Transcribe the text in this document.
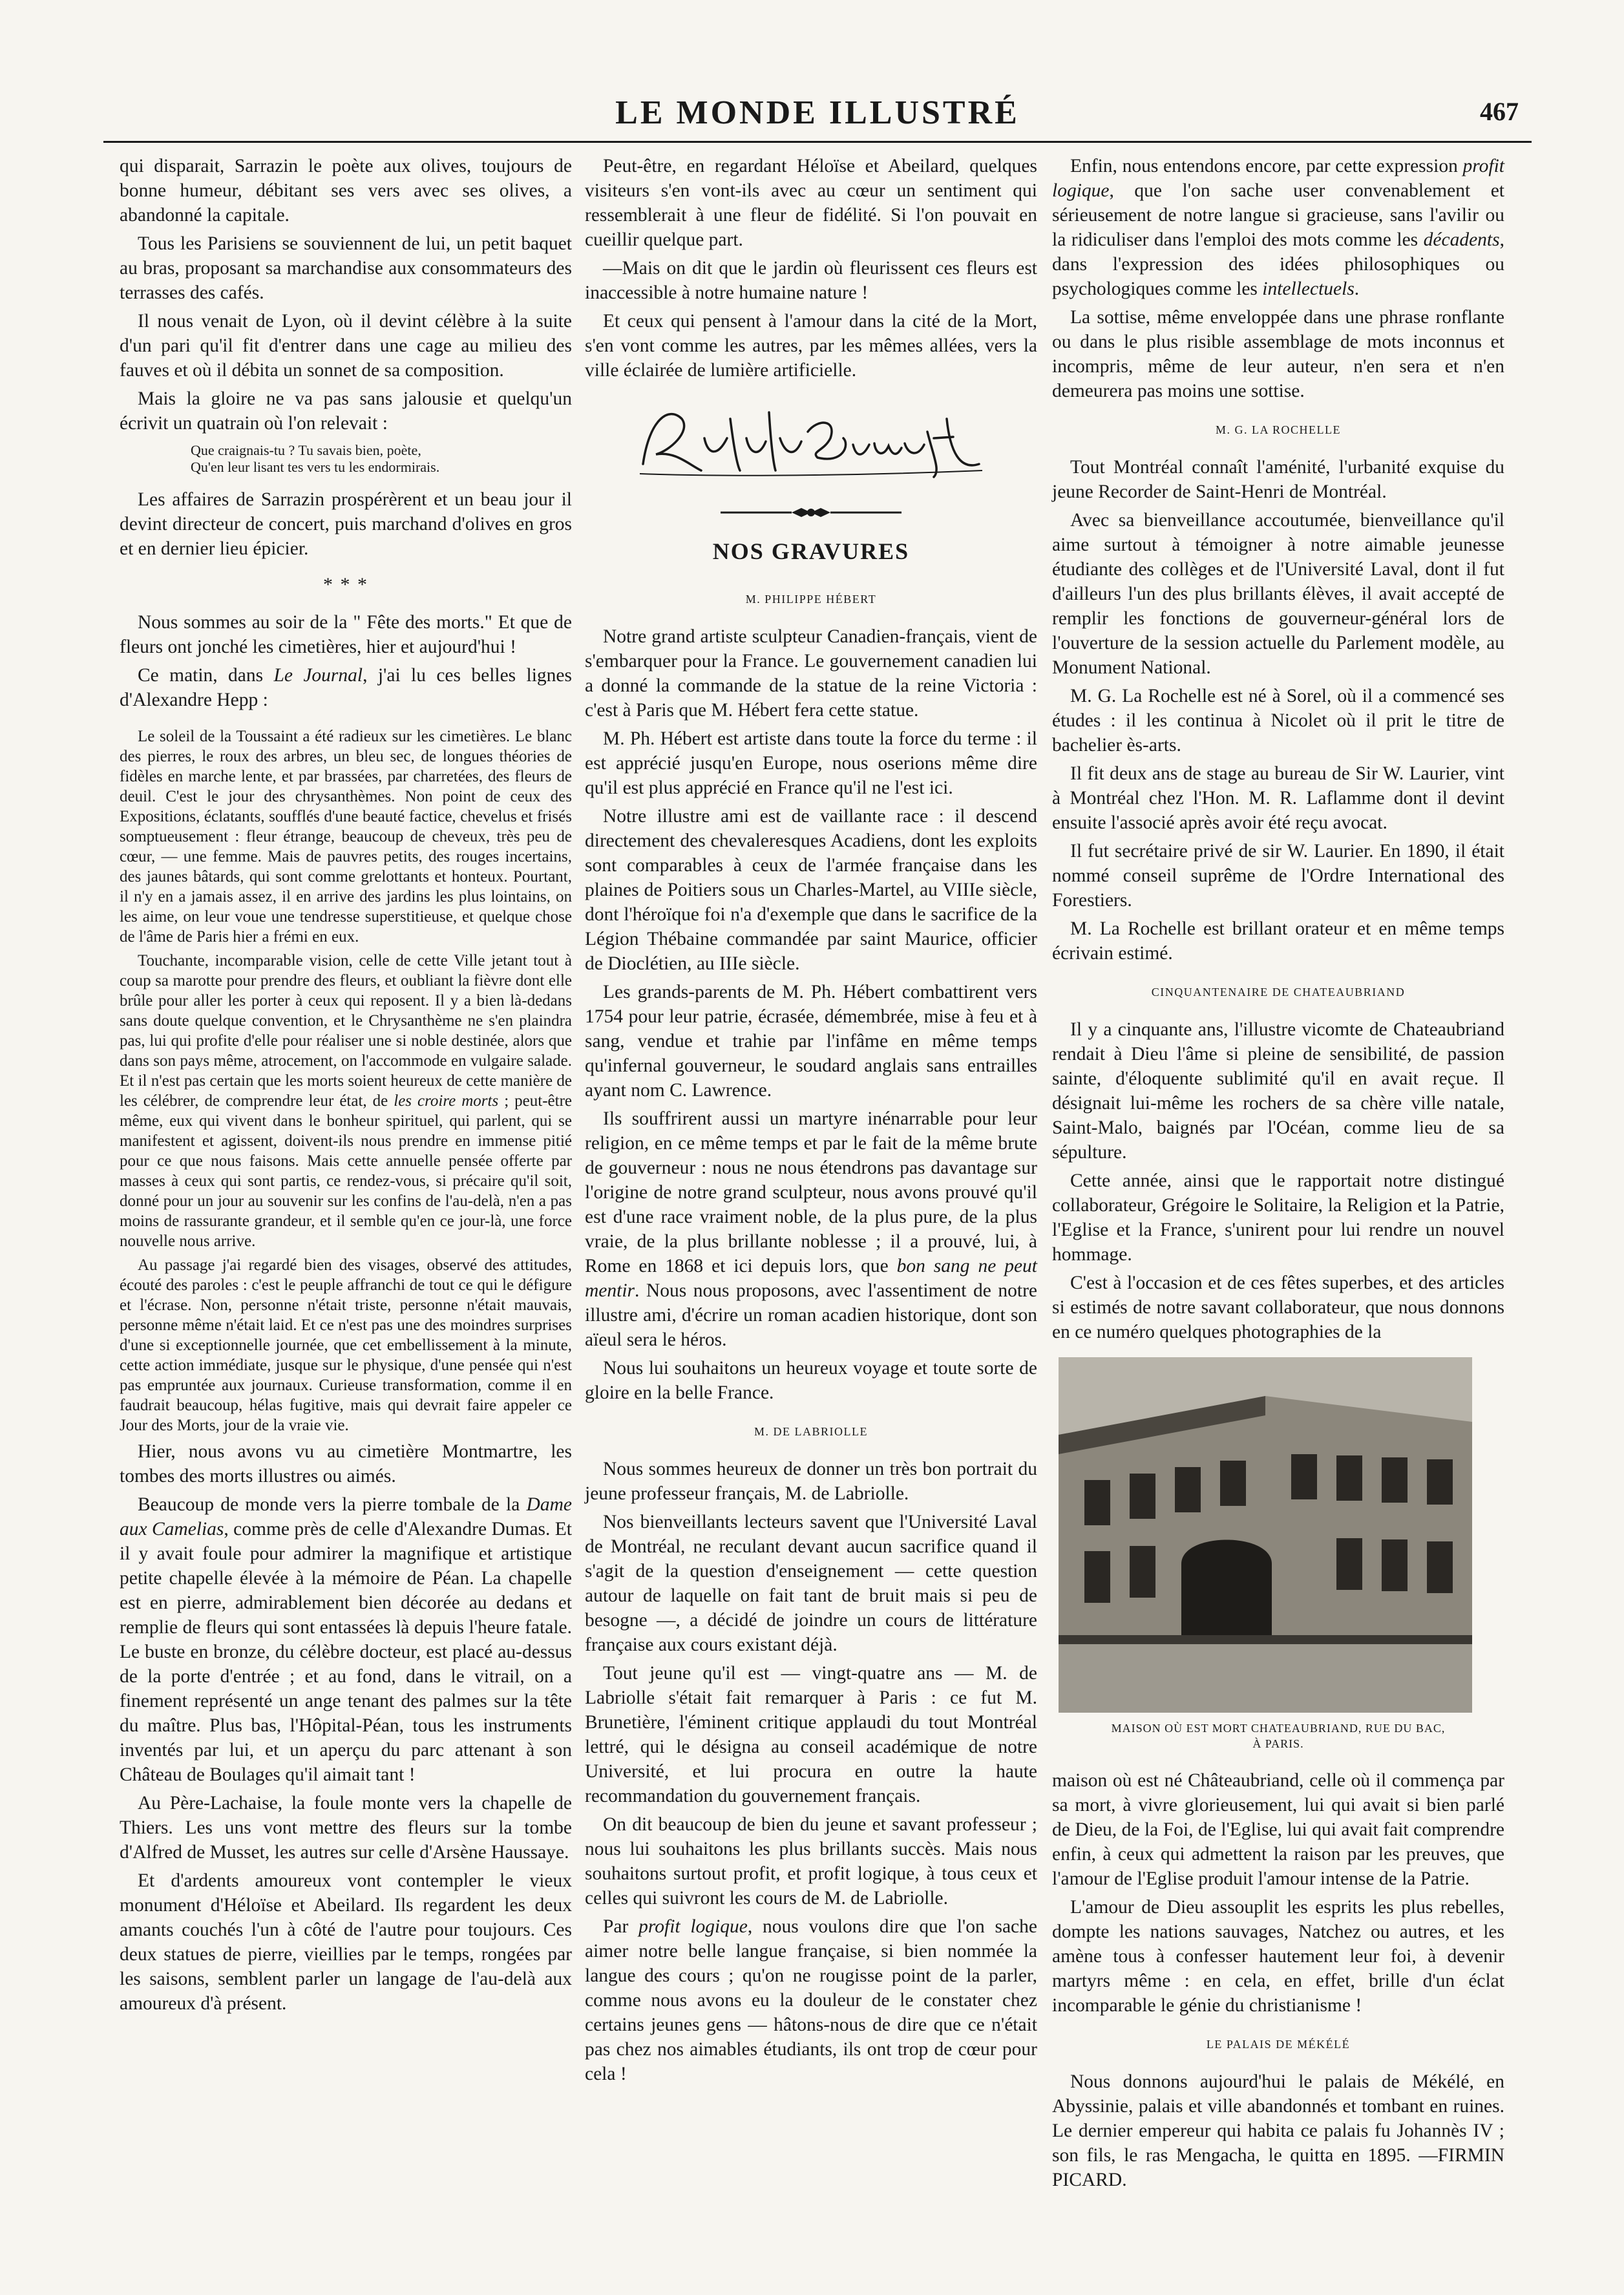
LE MONDE ILLUSTRÉ	467

qui disparait, Sarrazin le poète aux olives, toujours de bonne humeur, débitant ses vers avec ses olives, a abandonné la capitale.

Tous les Parisiens se souviennent de lui, un petit baquet au bras, proposant sa marchandise aux consommateurs des terrasses des cafés.

Il nous venait de Lyon, où il devint célèbre à la suite d'un pari qu'il fit d'entrer dans une cage au milieu des fauves et où il débita un sonnet de sa composition.

Mais la gloire ne va pas sans jalousie et quelqu'un écrivit un quatrain où l'on relevait :

Que craignais-tu ? Tu savais bien, poète,
Qu'en leur lisant tes vers tu les endormirais.

Les affaires de Sarrazin prospérèrent et un beau jour il devint directeur de concert, puis marchand d'olives en gros et en dernier lieu épicier.

* * *

Nous sommes au soir de la " Fête des morts." Et que de fleurs ont jonché les cimetières, hier et aujourd'hui !

Ce matin, dans Le Journal, j'ai lu ces belles lignes d'Alexandre Hepp :

Le soleil de la Toussaint a été radieux sur les cimetières. Le blanc des pierres, le roux des arbres, un bleu sec, de longues théories de fidèles en marche lente, et par brassées, par charretées, des fleurs de deuil. C'est le jour des chrysanthèmes. Non point de ceux des Expositions, éclatants, soufflés d'une beauté factice, chevelus et frisés somptueusement : fleur étrange, beaucoup de cheveux, très peu de cœur, — une femme. Mais de pauvres petits, des rouges incertains, des jaunes bâtards, qui sont comme grelottants et honteux. Pourtant, il n'y en a jamais assez, il en arrive des jardins les plus lointains, on les aime, on leur voue une tendresse superstitieuse, et quelque chose de l'âme de Paris hier a frémi en eux.

Touchante, incomparable vision, celle de cette Ville jetant tout à coup sa marotte pour prendre des fleurs, et oubliant la fièvre dont elle brûle pour aller les porter à ceux qui reposent. Il y a bien là-dedans sans doute quelque convention, et le Chrysanthème ne s'en plaindra pas, lui qui profite d'elle pour réaliser une si noble destinée, alors que dans son pays même, atrocement, on l'accommode en vulgaire salade. Et il n'est pas certain que les morts soient heureux de cette manière de les célébrer, de comprendre leur état, de les croire morts ; peut-être même, eux qui vivent dans le bonheur spirituel, qui parlent, qui se manifestent et agissent, doivent-ils nous prendre en immense pitié pour ce que nous faisons. Mais cette annuelle pensée offerte par masses à ceux qui sont partis, ce rendez-vous, si précaire qu'il soit, donné pour un jour au souvenir sur les confins de l'au-delà, n'en a pas moins de rassurante grandeur, et il semble qu'en ce jour-là, une force nouvelle nous arrive.

Au passage j'ai regardé bien des visages, observé des attitudes, écouté des paroles : c'est le peuple affranchi de tout ce qui le défigure et l'écrase. Non, personne n'était triste, personne n'était mauvais, personne même n'était laid. Et ce n'est pas une des moindres surprises d'une si exceptionnelle journée, que cet embellissement à la minute, cette action immédiate, jusque sur le physique, d'une pensée qui n'est pas empruntée aux journaux. Curieuse transformation, comme il en faudrait beaucoup, hélas fugitive, mais qui devrait faire appeler ce Jour des Morts, jour de la vraie vie.

Hier, nous avons vu au cimetière Montmartre, les tombes des morts illustres ou aimés.

Beaucoup de monde vers la pierre tombale de la Dame aux Camelias, comme près de celle d'Alexandre Dumas. Et il y avait foule pour admirer la magnifique et artistique petite chapelle élevée à la mémoire de Péan. La chapelle est en pierre, admirablement bien décorée au dedans et remplie de fleurs qui sont entassées là depuis l'heure fatale. Le buste en bronze, du célèbre docteur, est placé au-dessus de la porte d'entrée ; et au fond, dans le vitrail, on a finement représenté un ange tenant des palmes sur la tête du maître. Plus bas, l'Hôpital-Péan, tous les instruments inventés par lui, et un aperçu du parc attenant à son Château de Boulages qu'il aimait tant !

Au Père-Lachaise, la foule monte vers la chapelle de Thiers. Les uns vont mettre des fleurs sur la tombe d'Alfred de Musset, les autres sur celle d'Arsène Haussaye.

Et d'ardents amoureux vont contempler le vieux monument d'Héloïse et Abeilard. Ils regardent les deux amants couchés l'un à côté de l'autre pour toujours. Ces deux statues de pierre, vieillies par le temps, rongées par les saisons, semblent parler un langage de l'au-delà aux amoureux d'à présent.

Peut-être, en regardant Héloïse et Abeilard, quelques visiteurs s'en vont-ils avec au cœur un sentiment qui ressemblerait à une fleur de fidélité. Si l'on pouvait en cueillir quelque part.

—Mais on dit que le jardin où fleurissent ces fleurs est inaccessible à notre humaine nature !

Et ceux qui pensent à l'amour dans la cité de la Mort, s'en vont comme les autres, par les mêmes allées, vers la ville éclairée de lumière artificielle.

NOS GRAVURES
M. PHILIPPE HÉBERT

Notre grand artiste sculpteur Canadien-français, vient de s'embarquer pour la France. Le gouvernement canadien lui a donné la commande de la statue de la reine Victoria : c'est à Paris que M. Hébert fera cette statue.

M. Ph. Hébert est artiste dans toute la force du terme : il est apprécié jusqu'en Europe, nous oserions même dire qu'il est plus apprécié en France qu'il ne l'est ici.

Notre illustre ami est de vaillante race : il descend directement des chevaleresques Acadiens, dont les exploits sont comparables à ceux de l'armée française dans les plaines de Poitiers sous un Charles-Martel, au VIIIe siècle, dont l'héroïque foi n'a d'exemple que dans le sacrifice de la Légion Thébaine commandée par saint Maurice, officier de Dioclétien, au IIIe siècle.

Les grands-parents de M. Ph. Hébert combattirent vers 1754 pour leur patrie, écrasée, démembrée, mise à feu et à sang, vendue et trahie par l'infâme en même temps qu'infernal gouverneur, le soudard anglais sans entrailles ayant nom C. Lawrence.

Ils souffrirent aussi un martyre inénarrable pour leur religion, en ce même temps et par le fait de la même brute de gouverneur : nous ne nous étendrons pas davantage sur l'origine de notre grand sculpteur, nous avons prouvé qu'il est d'une race vraiment noble, de la plus pure, de la plus vraie, de la plus brillante noblesse ; il a prouvé, lui, à Rome en 1868 et ici depuis lors, que bon sang ne peut mentir. Nous nous proposons, avec l'assentiment de notre illustre ami, d'écrire un roman acadien historique, dont son aïeul sera le héros.

Nous lui souhaitons un heureux voyage et toute sorte de gloire en la belle France.

M. DE LABRIOLLE

Nous sommes heureux de donner un très bon portrait du jeune professeur français, M. de Labriolle.

Nos bienveillants lecteurs savent que l'Université Laval de Montréal, ne reculant devant aucun sacrifice quand il s'agit de la question d'enseignement — cette question autour de laquelle on fait tant de bruit mais si peu de besogne —, a décidé de joindre un cours de littérature française aux cours existant déjà.

Tout jeune qu'il est — vingt-quatre ans — M. de Labriolle s'était fait remarquer à Paris : ce fut M. Brunetière, l'éminent critique applaudi du tout Montréal lettré, qui le désigna au conseil académique de notre Université, et lui procura en outre la haute recommandation du gouvernement français.

On dit beaucoup de bien du jeune et savant professeur ; nous lui souhaitons les plus brillants succès. Mais nous souhaitons surtout profit, et profit logique, à tous ceux et celles qui suivront les cours de M. de Labriolle.

Par profit logique, nous voulons dire que l'on sache aimer notre belle langue française, si bien nommée la langue des cours ; qu'on ne rougisse point de la parler, comme nous avons eu la douleur de le constater chez certains jeunes gens — hâtons-nous de dire que ce n'était pas chez nos aimables étudiants, ils ont trop de cœur pour cela !

Enfin, nous entendons encore, par cette expression profit logique, que l'on sache user convenablement et sérieusement de notre langue si gracieuse, sans l'avilir ou la ridiculiser dans l'emploi des mots comme les décadents, dans l'expression des idées philosophiques ou psychologiques comme les intellectuels.

La sottise, même enveloppée dans une phrase ronflante ou dans le plus risible assemblage de mots inconnus et incompris, même de leur auteur, n'en sera et n'en demeurera pas moins une sottise.

M. G. LA ROCHELLE

Tout Montréal connaît l'aménité, l'urbanité exquise du jeune Recorder de Saint-Henri de Montréal.

Avec sa bienveillance accoutumée, bienveillance qu'il aime surtout à témoigner à notre aimable jeunesse étudiante des collèges et de l'Université Laval, dont il fut d'ailleurs l'un des plus brillants élèves, il avait accepté de remplir les fonctions de gouverneur-général lors de l'ouverture de la session actuelle du Parlement modèle, au Monument National.

M. G. La Rochelle est né à Sorel, où il a commencé ses études : il les continua à Nicolet où il prit le titre de bachelier ès-arts.

Il fit deux ans de stage au bureau de Sir W. Laurier, vint à Montréal chez l'Hon. M. R. Laflamme dont il devint ensuite l'associé après avoir été reçu avocat.

Il fut secrétaire privé de sir W. Laurier. En 1890, il était nommé conseil suprême de l'Ordre International des Forestiers.

M. La Rochelle est brillant orateur et en même temps écrivain estimé.

CINQUANTENAIRE DE CHATEAUBRIAND

Il y a cinquante ans, l'illustre vicomte de Chateaubriand rendait à Dieu l'âme si pleine de sensibilité, de passion sainte, d'éloquente sublimité qu'il en avait reçue. Il désignait lui-même les rochers de sa chère ville natale, Saint-Malo, baignés par l'Océan, comme lieu de sa sépulture.

Cette année, ainsi que le rapportait notre distingué collaborateur, Grégoire le Solitaire, la Religion et la Patrie, l'Eglise et la France, s'unirent pour lui rendre un nouvel hommage.

C'est à l'occasion et de ces fêtes superbes, et des articles si estimés de notre savant collaborateur, que nous donnons en ce numéro quelques photographies de la

MAISON OÙ EST MORT CHATEAUBRIAND, RUE DU BAC,
À PARIS.

maison où est né Châteaubriand, celle où il commença par sa mort, à vivre glorieusement, lui qui avait si bien parlé de Dieu, de la Foi, de l'Eglise, lui qui avait fait comprendre enfin, à ceux qui admettent la raison par les preuves, que l'amour de l'Eglise produit l'amour intense de la Patrie.

L'amour de Dieu assouplit les esprits les plus rebelles, dompte les nations sauvages, Natchez ou autres, et les amène tous à confesser hautement leur foi, à devenir martyrs même : en cela, en effet, brille d'un éclat incomparable le génie du christianisme !

LE PALAIS DE MÉKÉLÉ

Nous donnons aujourd'hui le palais de Mékélé, en Abyssinie, palais et ville abandonnés et tombant en ruines. Le dernier empereur qui habita ce palais fu Johannès IV ; son fils, le ras Mengacha, le quitta en 1895. —FIRMIN PICARD.
